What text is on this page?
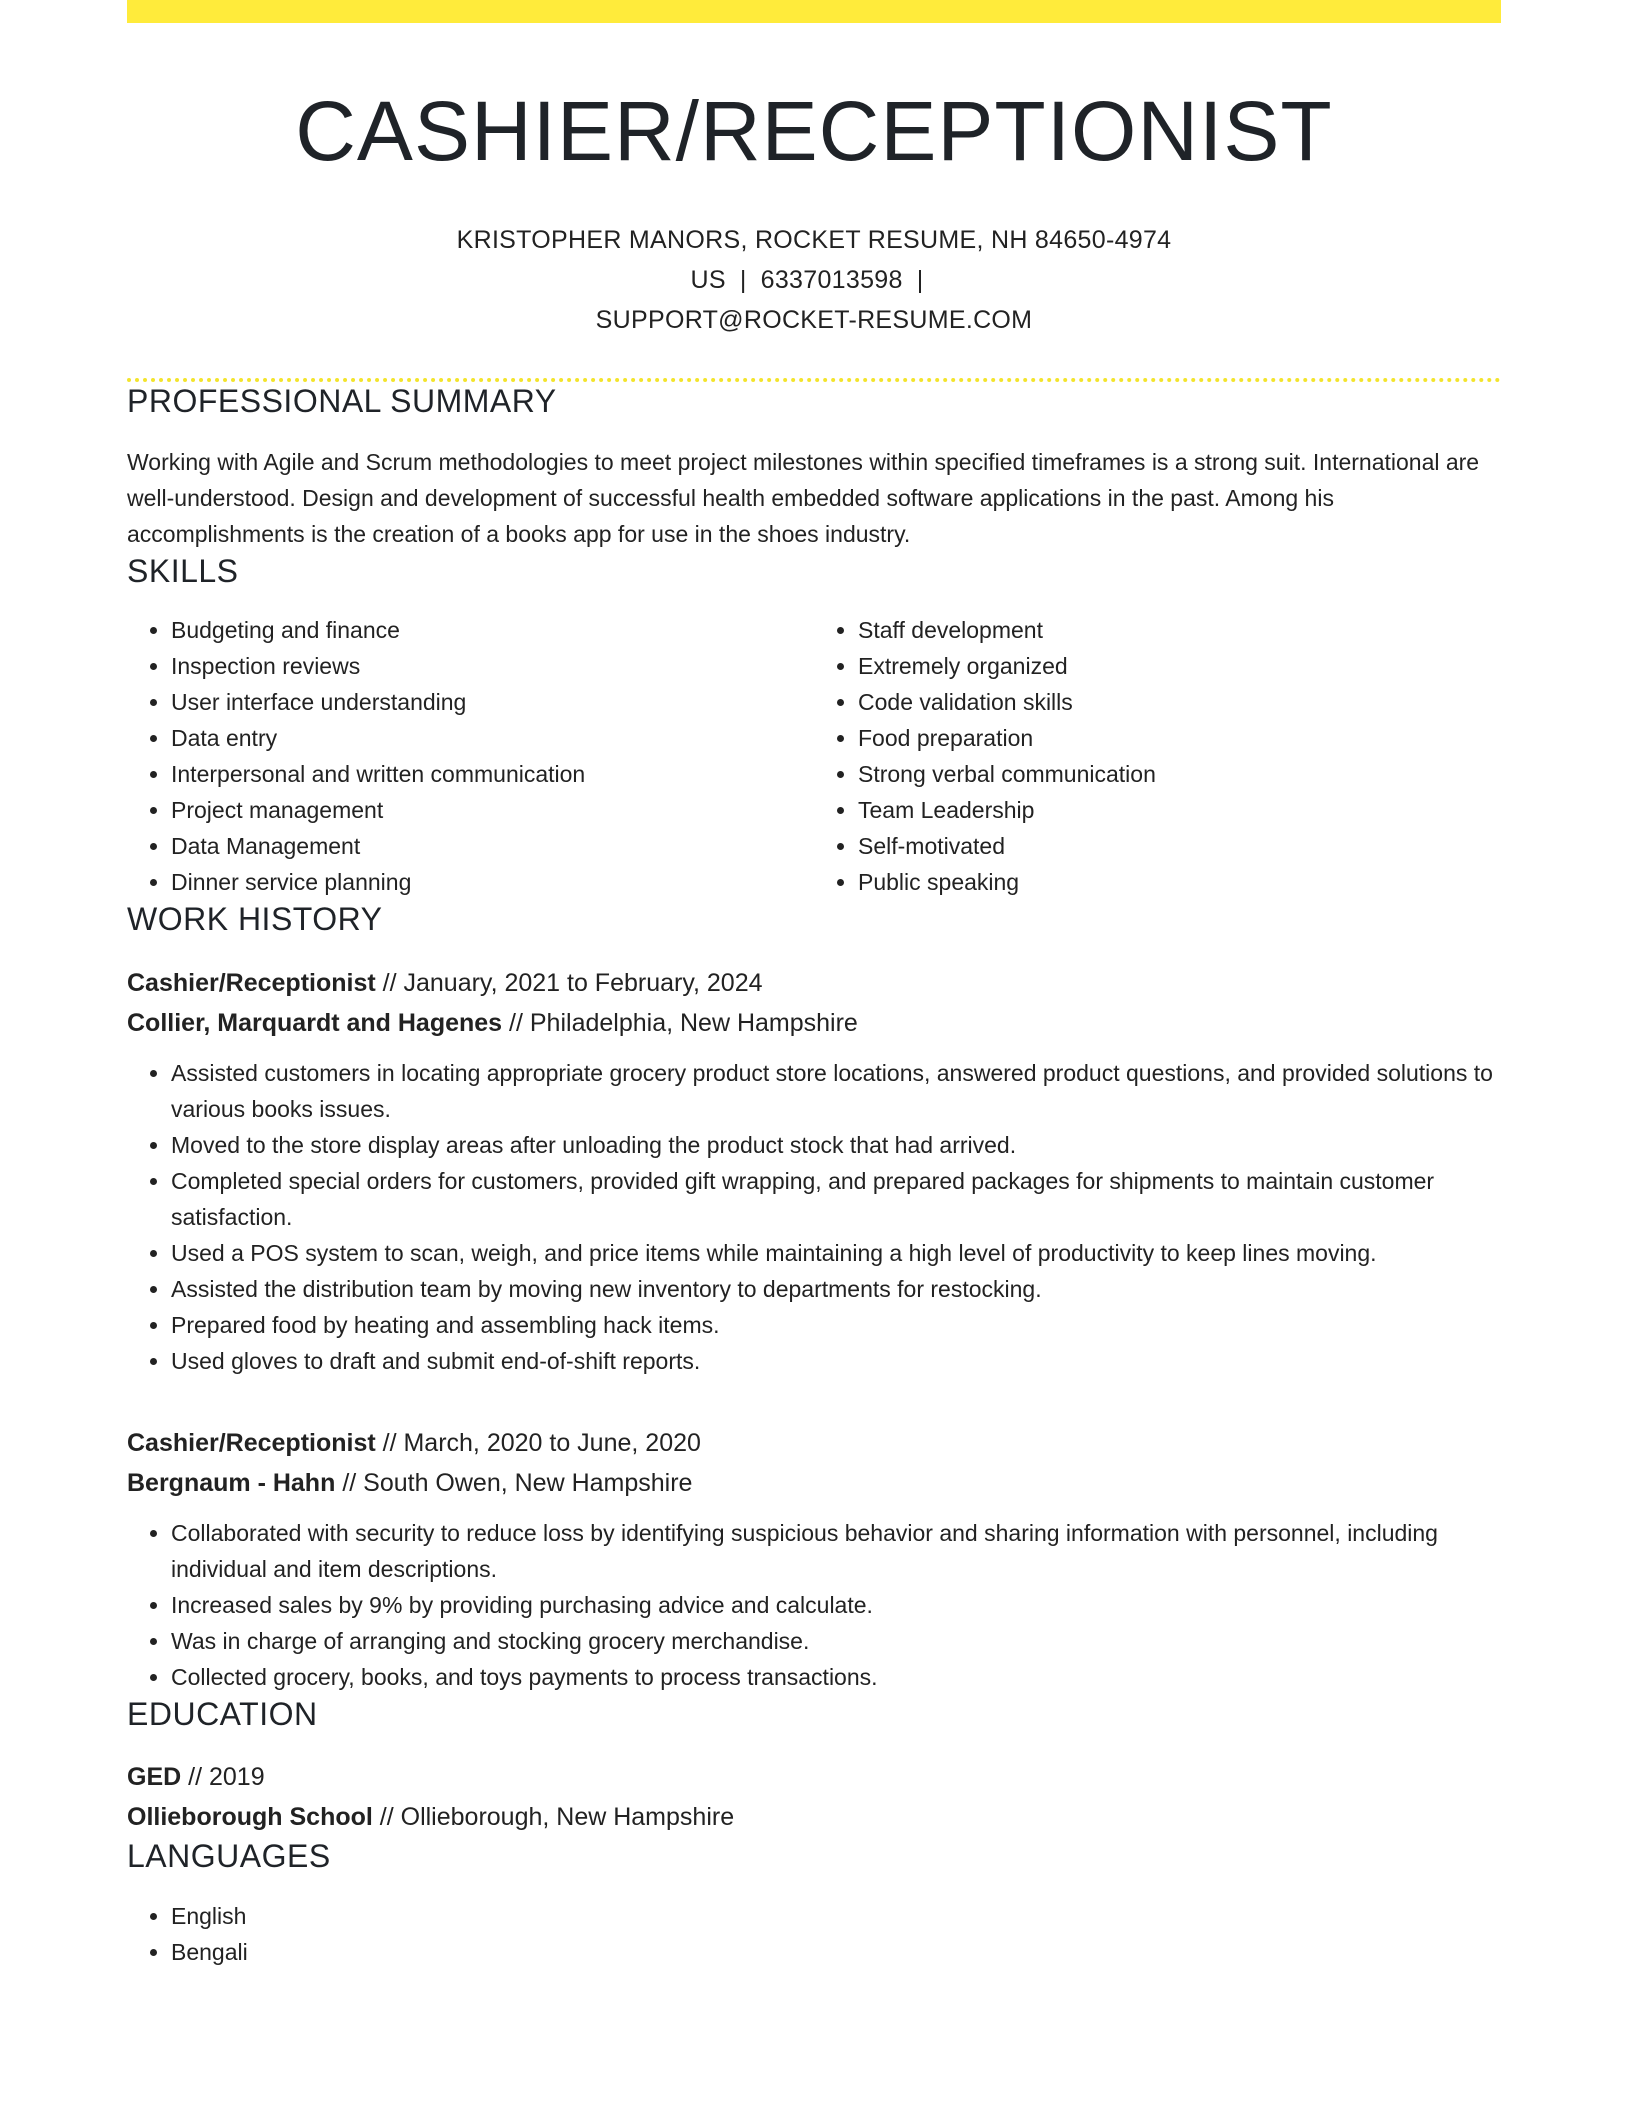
CASHIER/RECEPTIONIST
KRISTOPHER MANORS, ROCKET RESUME, NH 84650-4974 US | 6337013598 |
SUPPORT@ROCKET-RESUME.COM
PROFESSIONAL SUMMARY

Working with Agile and Scrum methodologies to meet project milestones within specified timeframes is a strong suit. International are well-understood. Design and development of successful health embedded software applications in the past. Among his accomplishments is the creation of a books app for use in the shoes industry.

SKILLS
• Budgeting and finance
• Inspection reviews
• User interface understanding
• Data entry
• Interpersonal and written communication
• Project management
• Data Management
• Dinner service planning
• Staff development
• Extremely organized
• Code validation skills
• Food preparation
• Strong verbal communication
• Team Leadership
• Self-motivated
• Public speaking
WORK HISTORY
Cashier/Receptionist // January, 2021 to February, 2024
Collier, Marquardt and Hagenes // Philadelphia, New Hampshire
• Assisted customers in locating appropriate grocery product store locations, answered product questions, and provided solutions to various books issues.
• Moved to the store display areas after unloading the product stock that had arrived.
• Completed special orders for customers, provided gift wrapping, and prepared packages for shipments to maintain customer satisfaction.
• Used a POS system to scan, weigh, and price items while maintaining a high level of productivity to keep lines moving.
• Assisted the distribution team by moving new inventory to departments for restocking.
• Prepared food by heating and assembling hack items.
• Used gloves to draft and submit end-of-shift reports.
Cashier/Receptionist // March, 2020 to June, 2020
Bergnaum - Hahn // South Owen, New Hampshire
• Collaborated with security to reduce loss by identifying suspicious behavior and sharing information with personnel, including individual and item descriptions.
• Increased sales by 9% by providing purchasing advice and calculate.
• Was in charge of arranging and stocking grocery merchandise.
• Collected grocery, books, and toys payments to process transactions.
EDUCATION
GED // 2019
Ollieborough School // Ollieborough, New Hampshire
LANGUAGES
• English
• Bengali
